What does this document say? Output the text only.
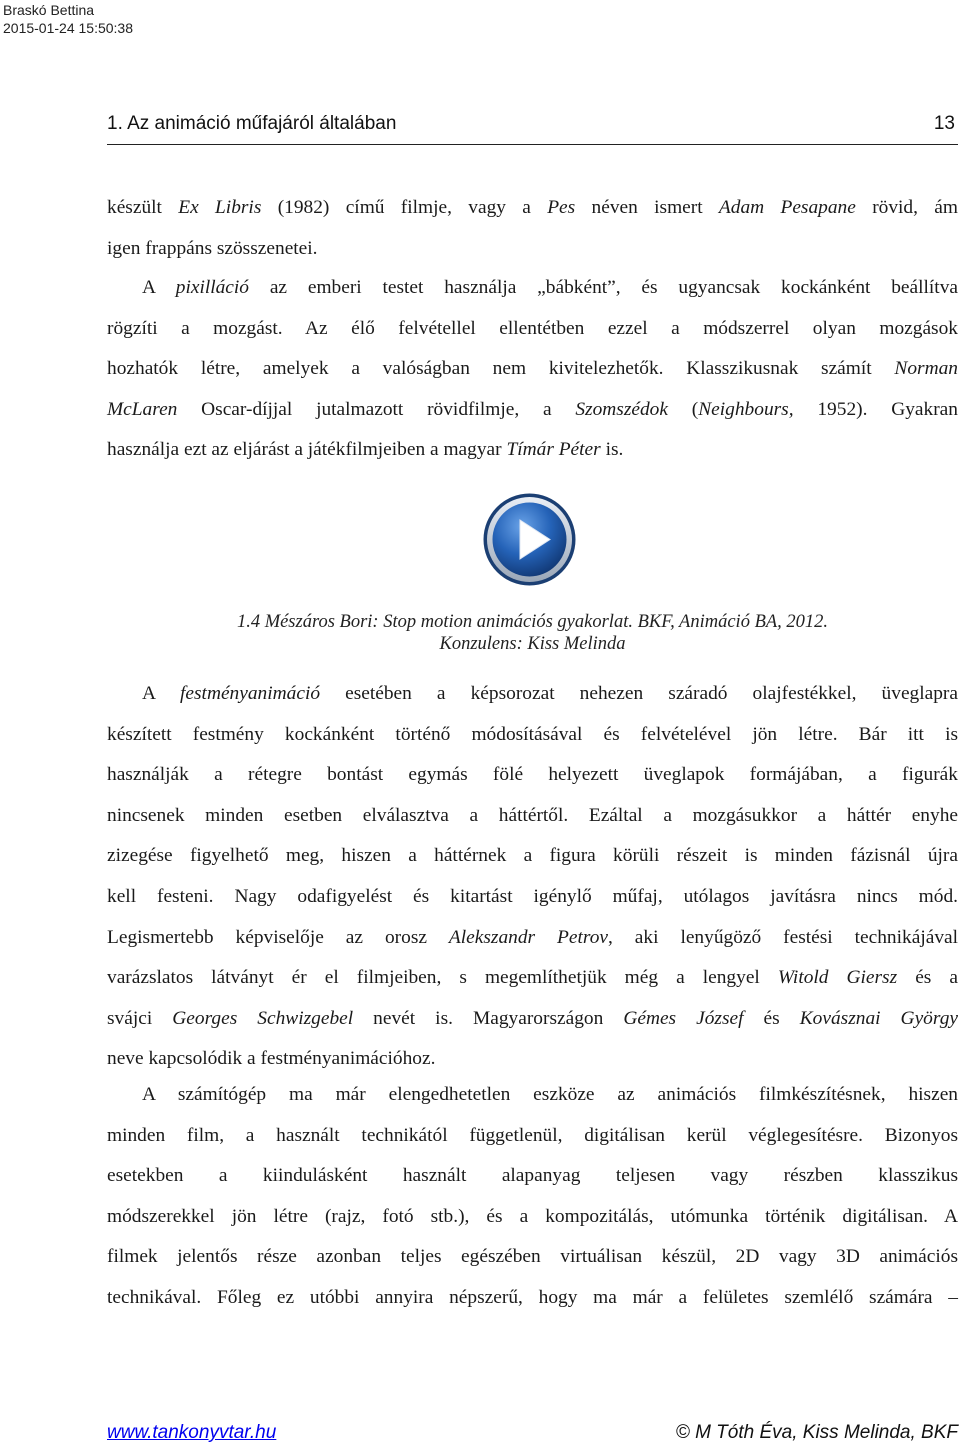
Braskó Bettina
2015-01-24 15:50:38
1. Az animáció műfajáról általában	13

készült Ex Libris (1982) című filmje, vagy a Pes néven ismert Adam Pesapane rövid, ám
igen frappáns szösszenetei.

A pixilláció az emberi testet használja „bábként”, és ugyancsak kockánként beállítva
rögzíti a mozgást. Az élő felvétellel ellentétben ezzel a módszerrel olyan mozgások
hozhatók létre, amelyek a valóságban nem kivitelezhetők. Klasszikusnak számít Norman
McLaren Oscar-díjjal jutalmazott rövidfilmje, a Szomszédok (Neighbours, 1952). Gyakran
használja ezt az eljárást a játékfilmjeiben a magyar Tímár Péter is.

1.4 Mészáros Bori: Stop motion animációs gyakorlat. BKF, Animáció BA, 2012.
Konzulens: Kiss Melinda

A festményanimáció esetében a képsorozat nehezen száradó olajfestékkel, üveglapra
készített festmény kockánként történő módosításával és felvételével jön létre. Bár itt is
használják a rétegre bontást egymás fölé helyezett üveglapok formájában, a figurák
nincsenek minden esetben elválasztva a háttértől. Ezáltal a mozgásukkor a háttér enyhe
zizegése figyelhető meg, hiszen a háttérnek a figura körüli részeit is minden fázisnál újra
kell festeni. Nagy odafigyelést és kitartást igénylő műfaj, utólagos javításra nincs mód.
Legismertebb képviselője az orosz Alekszandr Petrov, aki lenyűgöző festési technikájával
varázslatos látványt ér el filmjeiben, s megemlíthetjük még a lengyel Witold Giersz és a
svájci Georges Schwizgebel nevét is. Magyarországon Gémes József és Kovásznai György
neve kapcsolódik a festményanimációhoz.

A számítógép ma már elengedhetetlen eszköze az animációs filmkészítésnek, hiszen
minden film, a használt technikától függetlenül, digitálisan kerül véglegesítésre. Bizonyos
esetekben a kiindulásként használt alapanyag teljesen vagy részben klasszikus
módszerekkel jön létre (rajz, fotó stb.), és a kompozitálás, utómunka történik digitálisan. A
filmek jelentős része azonban teljes egészében virtuálisan készül, 2D vagy 3D animációs
technikával. Főleg ez utóbbi annyira népszerű, hogy ma már a felületes szemlélő számára –

www.tankonyvtar.hu	© M Tóth Éva, Kiss Melinda, BKF
